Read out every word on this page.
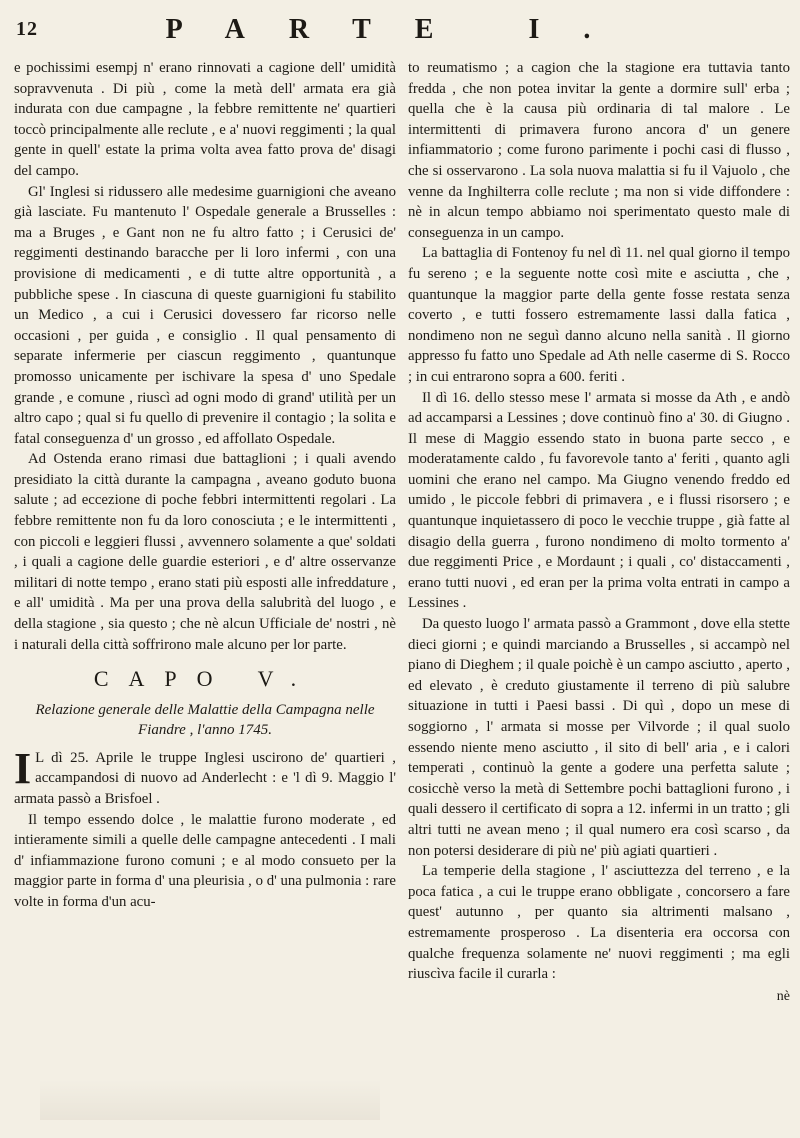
12	PARTE I.

e pochissimi esempj n' erano rinnovati a cagione dell' umidità sopravvenuta . Di più , come la metà dell' armata era già indurata con due campagne , la febbre remittente ne' quartieri toccò principalmente alle reclute , e a' nuovi reggimenti ; la qual gente in quell' estate la prima volta avea fatto prova de' disagi del campo.

Gl' Inglesi si ridussero alle medesime guarnigioni che aveano già lasciate. Fu mantenuto l' Ospedale generale a Brusselles : ma a Bruges , e Gant non ne fu altro fatto ; i Cerusici de' reggimenti destinando baracche per li loro infermi , con una provisione di medicamenti , e di tutte altre opportunità , a pubbliche spese . In ciascuna di queste guarnigioni fu stabilito un Medico , a cui i Cerusici dovessero far ricorso nelle occasioni , per guida , e consiglio . Il qual pensamento di separate infermerie per ciascun reggimento , quantunque promosso unicamente per ischivare la spesa d' uno Spedale grande , e comune , riuscì ad ogni modo di grand' utilità per un altro capo ; qual si fu quello di prevenire il contagio ; la solita e fatal conseguenza d' un grosso , ed affollato Ospedale.

Ad Ostenda erano rimasi due battaglioni ; i quali avendo presidiato la città durante la campagna , aveano goduto buona salute ; ad eccezione di poche febbri intermittenti regolari . La febbre remittente non fu da loro conosciuta ; e le intermittenti , con piccoli e leggieri flussi , avvennero solamente a que' soldati , i quali a cagione delle guardie esteriori , e d' altre osservanze militari di notte tempo , erano stati più esposti alle infreddature , e all' umidità . Ma per una prova della salubrità del luogo , e della stagione , sia questo ; che nè alcun Ufficiale de' nostri , nè i naturali della città soffrirono male alcuno per lor parte.

CAPO V.
Relazione generale delle Malattie della Campagna nelle Fiandre , l'anno 1745.

I L dì 25. Aprile le truppe Inglesi uscirono de' quartieri , accampandosi di nuovo ad Anderlecht : e 'l dì 9. Maggio l' armata passò a Brisfoel .

Il tempo essendo dolce , le malattie furono moderate , ed intieramente simili a quelle delle campagne antecedenti . I mali d' infiammazione furono comuni ; e al modo consueto per la maggior parte in forma d' una pleurisia , o d' una pulmonia : rare volte in forma d'un acu-

to reumatismo ; a cagion che la stagione era tuttavia tanto fredda , che non potea invitar la gente a dormire sull' erba ; quella che è la causa più ordinaria di tal malore . Le intermittenti di primavera furono ancora d' un genere infiammatorio ; come furono parimente i pochi casi di flusso , che si osservarono . La sola nuova malattia si fu il Vajuolo , che venne da Inghilterra colle reclute ; ma non si vide diffondere : nè in alcun tempo abbiamo noi sperimentato questo male di conseguenza in un campo.

La battaglia di Fontenoy fu nel dì 11. nel qual giorno il tempo fu sereno ; e la seguente notte così mite e asciutta , che , quantunque la maggior parte della gente fosse restata senza coverto , e tutti fossero estremamente lassi dalla fatica , nondimeno non ne seguì danno alcuno nella sanità . Il giorno appresso fu fatto uno Spedale ad Ath nelle caserme di S. Rocco ; in cui entrarono sopra a 600. feriti .

Il dì 16. dello stesso mese l' armata si mosse da Ath , e andò ad accamparsi a Lessines ; dove continuò fino a' 30. di Giugno . Il mese di Maggio essendo stato in buona parte secco , e moderatamente caldo , fu favorevole tanto a' feriti , quanto agli uomini che erano nel campo. Ma Giugno venendo freddo ed umido , le piccole febbri di primavera , e i flussi risorsero ; e quantunque inquietassero di poco le vecchie truppe , già fatte al disagio della guerra , furono nondimeno di molto tormento a' due reggimenti Price , e Mordaunt ; i quali , co' distaccamenti , erano tutti nuovi , ed eran per la prima volta entrati in campo a Lessines .

Da questo luogo l' armata passò a Grammont , dove ella stette dieci giorni ; e quindi marciando a Brusselles , si accampò nel piano di Dieghem ; il quale poichè è un campo asciutto , aperto , ed elevato , è creduto giustamente il terreno di più salubre situazione in tutti i Paesi bassi . Di quì , dopo un mese di soggiorno , l' armata si mosse per Vilvorde ; il qual suolo essendo niente meno asciutto , il sito di bell' aria , e i calori temperati , continuò la gente a godere una perfetta salute ; cosicchè verso la metà di Settembre pochi battaglioni furono , i quali dessero il certificato di sopra a 12. infermi in un tratto ; gli altri tutti ne avean meno ; il qual numero era così scarso , da non potersi desiderare di più ne' più agiati quartieri .

La temperie della stagione , l' asciuttezza del terreno , e la poca fatica , a cui le truppe erano obbligate , concorsero a fare quest' autunno , per quanto sia altrimenti malsano , estremamente prosperoso . La disenteria era occorsa con qualche frequenza solamente ne' nuovi reggimenti ; ma egli riuscìva facile il curarla :

nè
